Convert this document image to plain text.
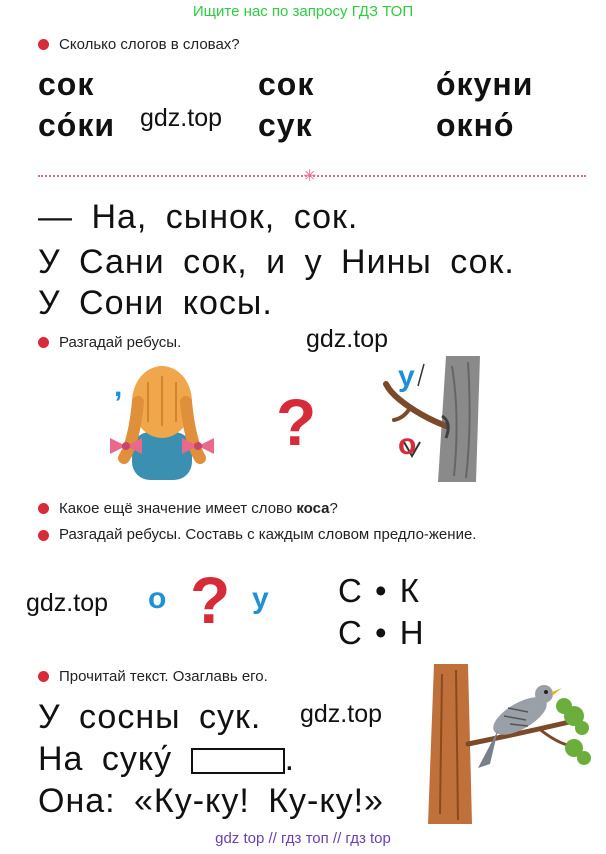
Ищите нас по запросу ГДЗ ТОП
Сколько слогов в словах?
сок	сок	о́куни
со́ки	сук	окно́
gdz.top
✳
— На, сынок, сок.
У Сани сок, и у Нины сок.
У Сони косы.
Разгадай ребусы.	gdz.top
, ?
у
о
Какое ещё значение имеет слово коса?
Разгадай ребусы. Составь с каждым словом предло-жение.
gdz.top о ? у С • К
С • Н
Прочитай текст. Озаглавь его.
У сосны сук. gdz.top
На суку́	.
Она: «Ку-ку! Ку-ку!»
gdz top // гдз топ // гдз top
